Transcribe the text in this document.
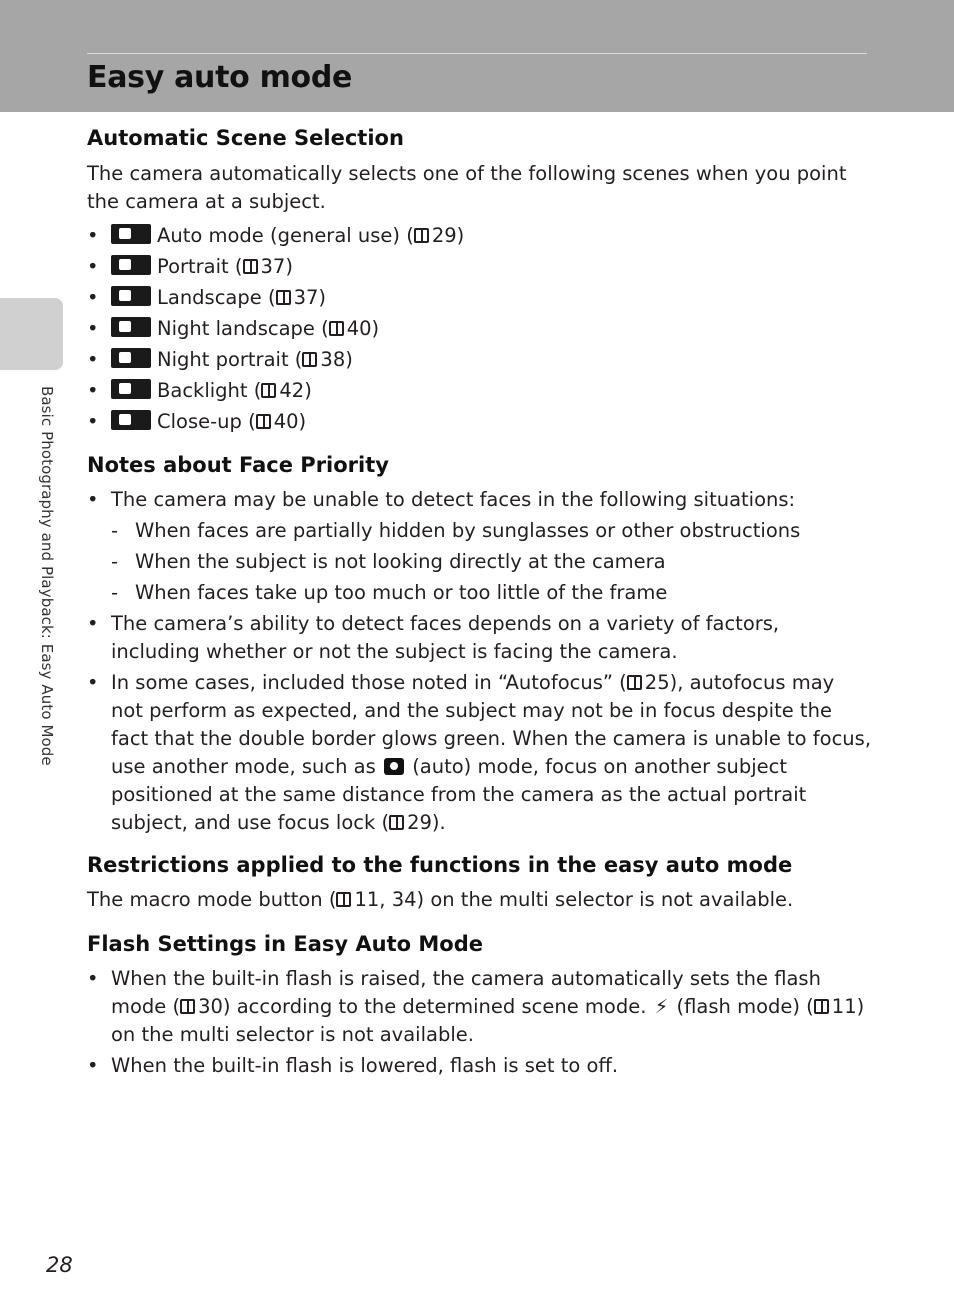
Easy auto mode
Basic Photography and Playback: Easy Auto Mode
Automatic Scene Selection

The camera automatically selects one of the following scenes when you point the camera at a subject.

• Auto mode (general use) ( 29)
• Portrait ( 37)
• Landscape ( 37)
• Night landscape ( 40)
• Night portrait ( 38)
• Backlight ( 42)
• Close-up ( 40)
Notes about Face Priority
• The camera may be unable to detect faces in the following situations:
- When faces are partially hidden by sunglasses or other obstructions
- When the subject is not looking directly at the camera
- When faces take up too much or too little of the frame
• The camera’s ability to detect faces depends on a variety of factors, including whether or not the subject is facing the camera.
• In some cases, included those noted in “Autofocus” ( 25), autofocus may not perform as expected, and the subject may not be in focus despite the fact that the double border glows green. When the camera is unable to focus, use another mode, such as (auto) mode, focus on another subject positioned at the same distance from the camera as the actual portrait subject, and use focus lock ( 29).
Restrictions applied to the functions in the easy auto mode

The macro mode button ( 11, 34) on the multi selector is not available.

Flash Settings in Easy Auto Mode
• When the built-in flash is raised, the camera automatically sets the flash mode ( 30) according to the determined scene mode. ⚡ (flash mode) ( 11) on the multi selector is not available.
• When the built-in flash is lowered, flash is set to off.
28
